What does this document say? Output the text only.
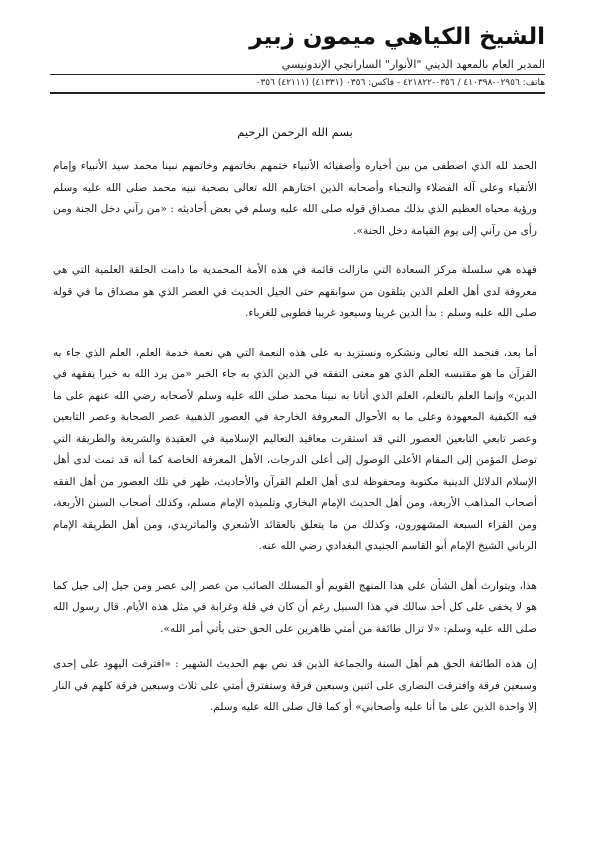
الشيخ الكياهي ميمون زبير
المدير العام بالمعهد الديني "الأنوار" السارانجي الإندونيسي
هاتف: ٠٢٩٥٦-٤١٠٣٩٨ / ٠٣٥٦-٤٢١٨٢٢ - فاكس: ٠٣٥٦ (٤١٣٣١) (٤٢١١١) ٠٣٥٦
بسم الله الرحمن الرحيم

الحمد لله الذي اصطفى من بين أخياره وأصفيائه الأنبياء ختمهم بخاتمهم وخاتمهم نبينا محمد سيد الأنبياء وإمام الأتقياء وعلى آله الفضلاء والنجباء وأصحابه الذين اختارهم الله تعالى بصحبة نبيه محمد صلى الله عليه وسلم ورؤية محياه العظيم الذي بذلك مصداق قوله صلى الله عليه وسلم في بعض أحاديثه : «من رآني دخل الجنة ومن رأى من رآني إلى يوم القيامة دخل الجنة».

فهذه هي سلسلة مركز السعادة التي مازالت قائمة في هذه الأمة المحمدية ما دامت الحلقة العلمية التي هي معروفة لدى أهل العلم الذين يتلقون من سوابقهم حتى الجيل الحديث في العصر الذي هو مصداق ما في قوله صلى الله عليه وسلم : بدأ الدين غريبا وسيعود غريبا فطوبى للغرباء.

أما بعد، فنحمد الله تعالى ونشكره ونستزيد به على هذه النعمة التي هي نعمة خدمة العلم، العلم الذي جاء به القرآن ما هو مقتبسه العلم الذي هو معنى التفقه في الدين الذي به جاء الخبر «من يرد الله به خيرا يفقهه في الدين» وإنما العلم بالتعلم، العلم الذي أتانا به نبينا محمد صلى الله عليه وسلم لأصحابه رضي الله عنهم على ما فيه الكيفية المعهودة وعلى ما به الأحوال المعروفة الخارجة في العصور الذهبية عصر الصحابة وعصر التابعين وعصر تابعي التابعين العصور التي قد استقرت معاقيد التعاليم الإسلامية في العقيدة والشريعة والطريقة التي توصل المؤمن إلى المقام الأعلى الوصول إلى أعلى الدرجات، الأهل المعرفة الخاصة كما أنه قد تمت لدى أهل الإسلام الدلائل الدينية مكتوبة ومحفوظة لدى أهل العلم القرآن والأحاديث، ظهر في تلك العصور من أهل الفقه أصحاب المذاهب الأربعة، ومن أهل الحديث الإمام البخاري وتلميذه الإمام مسلم، وكذلك أصحاب السنن الأربعة، ومن القراء السبعة المشهورون، وكذلك من ما يتعلق بالعقائد الأشعري والماتريدي، ومن أهل الطريقة الإمام الرباني الشيخ الإمام أبو القاسم الجنيدي البغدادي رضي الله عنه.

هذا، ويتوارث أهل الشأن على هذا المنهج القويم أو المسلك الصائب من عصر إلى عصر ومن جيل إلى جيل كما هو لا يخفى على كل أحد سالك في هذا السبيل رغم أن كان في قلة وغرابة في مثل هذه الأيام. قال رسول الله صلى الله عليه وسلم: «لا تزال طائفة من أمتي ظاهرين على الحق حتى يأتي أمر الله».

إن هذه الطائفة الحق هم أهل السنة والجماعة الذين قد نص بهم الحديث الشهير : «افترقت اليهود على إحدى وسبعين فرقة وافترقت النصارى على اثنين وسبعين فرقة وستفترق أمتي على ثلاث وسبعين فرقة كلهم في النار إلا واحدة الذين على ما أنا عليه وأصحابي» أو كما قال صلى الله عليه وسلم.
